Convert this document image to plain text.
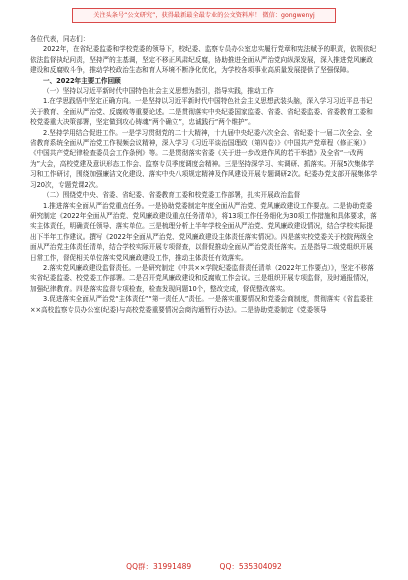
关注头条号“公文研究”，获得最新最全最专业的公文资料库！ 微信：gongwenyj

各位代表，同志们：

2022年，在省纪委监委和学校党委的领导下，校纪委、监察专员办公室忠实履行党章和宪法赋予的职责，依规依纪依法监督执纪问责，坚持严的主基调，坚定不移正风肃纪反腐，协助推进全面从严治党向纵深发展，深入推进党风廉政建设和反腐败斗争，推动学校政治生态和育人环境不断净化优化，为学校各项事业高质量发展提供了坚强保障。

一、2022年主要工作回顾

（一）坚持以习近平新时代中国特色社会主义思想为指引，指导实践，推动工作

1.在学思践悟中坚定正确方向。一是坚持以习近平新时代中国特色社会主义思想武装头脑，深入学习习近平总书记关于教育、全面从严治党、反腐败等重要论述。二是贯彻落实中央纪委国家监委、省委、省纪委监委、省委教育工委和校党委重大决策部署，坚定做到攻心铸魂“两个确立”，忠诚践行“两个维护”。

2.坚持学用结合促进工作。一是学习贯彻党的二十大精神，十九届中央纪委六次全会、省纪委十一届二次全会、全省教育系统全面从严治党工作视频会议精神，深入学习《习近平谈治国理政（第四卷）》《中国共产党章程（修正案）》《中国共产党纪律检查委员会工作条例》等。二是贯彻落实省委《关于进一步改进作风的若干举措》及全省“一改两为”大会，高校党建及意识形态工作会、监察专员季度调度会精神。三是坚持深学习、实调研、抓落实。开展5次集体学习和工作研讨，围绕加强廉洁文化建设、落实中央八项规定精神及作风建设开展专题调研2次。纪委办党支部开展集体学习20次，专题党课2次。

（二）围绕党中央、省委、省纪委、省委教育工委和校党委工作部署，扎实开展政治监督

1.推进落实全面从严治党重点任务。一是协助党委制定年度全面从严治党、党风廉政建设工作要点。二是协助党委研究制定《2022年全面从严治党、党风廉政建设重点任务清单》，将13项工作任务细化为30项工作措施和具体要求，落实主体责任，明确责任领导、落实单位。三是梳理分析上半年学校全面从严治党、党风廉政建设情况，结合学校实际提出下半年工作建议。撰写《2022年全面从严治党、党风廉政建设主体责任落实情况》。四是落实校党委关于校院两级全面从严治党主体责任清单，结合学校实际开展专项督查，以督促推动全面从严治党责任落实。五是指导二级党组织开展日常工作，督促相关单位落实党风廉政建设工作，推动主体责任有效落实。

2.落实党风廉政建设监督责任。一是研究制定《中共××学院纪委监督责任清单（2022年工作要点）》，坚定不移落实省纪委监委、校党委工作部署。二是召开党风廉政建设和反腐败工作会议。三是组织开展专项监督，及时通报情况，加强纪律教育。四是落实监督专项检查，检查发现问题10个，整改完成，督促整改落实。

3.促进落实全面从严治党“主体责任”“第一责任人”责任。一是落实重要情况和党委会商制度，贯彻落实《省监委驻××高校监察专员办公室(纪委)与高校党委重要情况会商沟通暂行办法》。二是协助党委制定《党委领导

QQ群：31991489	QQ：535304092
